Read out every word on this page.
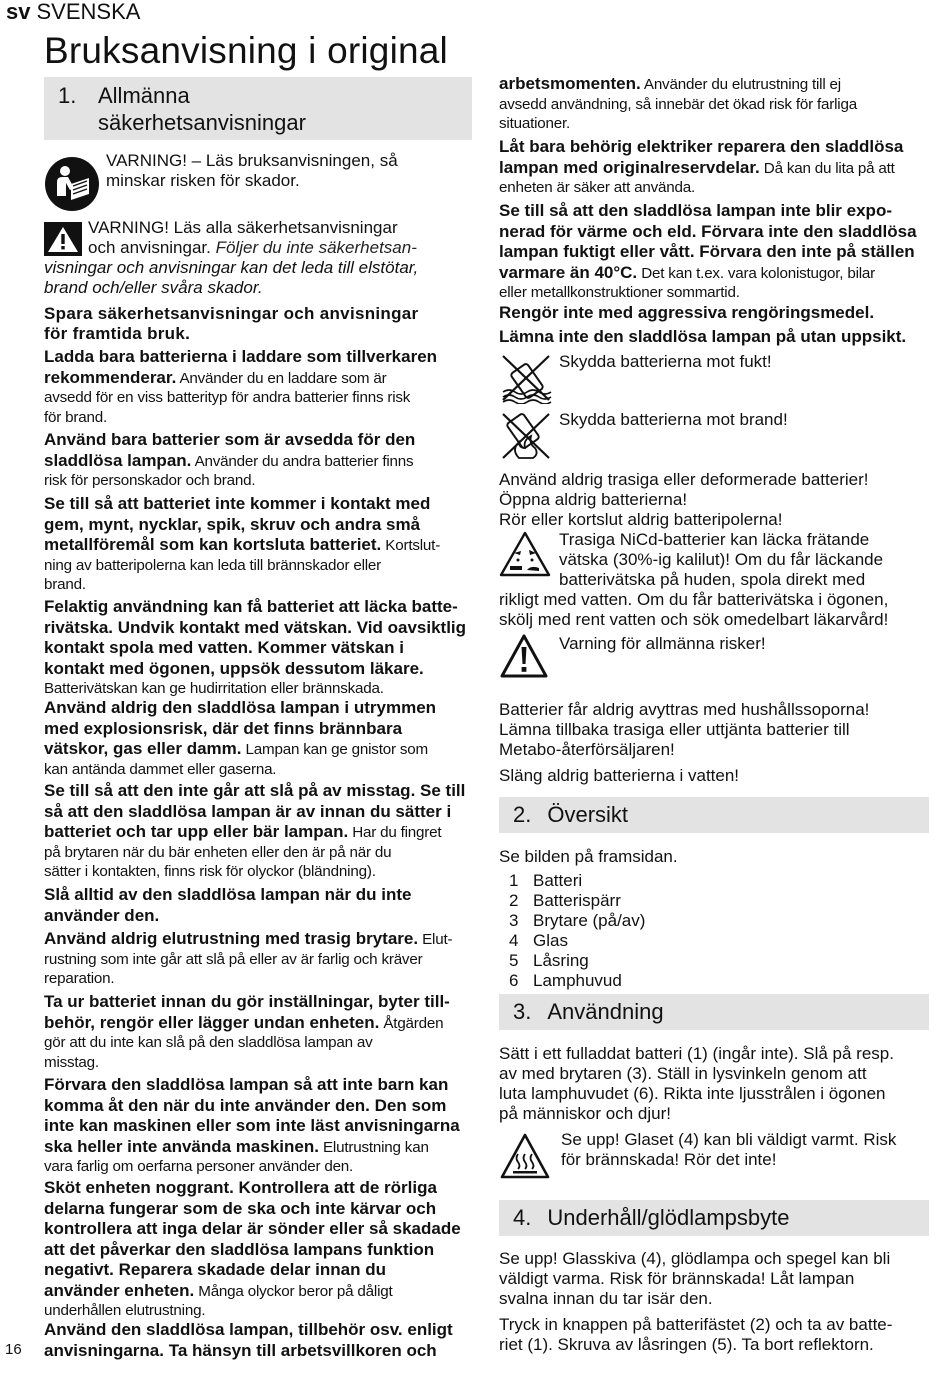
sv SVENSKA
Bruksanvisning i original
16
1. Allmänna
säkerhetsanvisningar

VARNING! – Läs bruksanvisningen, så
minskar risken för skador.

VARNING! Läs alla säkerhetsanvisningar
och anvisningar. Följer du inte säkerhetsan-
visningar och anvisningar kan det leda till elstötar,
brand och/eller svåra skador.

Spara säkerhetsanvisningar och anvisningar
för framtida bruk.

Ladda bara batterierna i laddare som tillverkaren
rekommenderar. Använder du en laddare som är
avsedd för en viss batterityp för andra batterier finns risk
för brand.

Använd bara batterier som är avsedda för den
sladdlösa lampan. Använder du andra batterier finns
risk för personskador och brand.

Se till så att batteriet inte kommer i kontakt med
gem, mynt, nycklar, spik, skruv och andra små
metallföremål som kan kortsluta batteriet. Kortslut-
ning av batteripolerna kan leda till brännskador eller
brand.

Felaktig användning kan få batteriet att läcka batte-
rivätska. Undvik kontakt med vätskan. Vid oavsiktlig
kontakt spola med vatten. Kommer vätskan i
kontakt med ögonen, uppsök dessutom läkare.
Batterivätskan kan ge hudirritation eller brännskada.

Använd aldrig den sladdlösa lampan i utrymmen
med explosionsrisk, där det finns brännbara
vätskor, gas eller damm. Lampan kan ge gnistor som
kan antända dammet eller gaserna.

Se till så att den inte går att slå på av misstag. Se till
så att den sladdlösa lampan är av innan du sätter i
batteriet och tar upp eller bär lampan. Har du fingret
på brytaren när du bär enheten eller den är på när du
sätter i kontakten, finns risk för olyckor (bländning).

Slå alltid av den sladdlösa lampan när du inte
använder den.

Använd aldrig elutrustning med trasig brytare. Elut-
rustning som inte går att slå på eller av är farlig och kräver
reparation.

Ta ur batteriet innan du gör inställningar, byter till-
behör, rengör eller lägger undan enheten. Åtgärden
gör att du inte kan slå på den sladdlösa lampan av
misstag.

Förvara den sladdlösa lampan så att inte barn kan
komma åt den när du inte använder den. Den som
inte kan maskinen eller som inte läst anvisningarna
ska heller inte använda maskinen. Elutrustning kan
vara farlig om oerfarna personer använder den.

Sköt enheten noggrant. Kontrollera att de rörliga
delarna fungerar som de ska och inte kärvar och
kontrollera att inga delar är sönder eller så skadade
att det påverkar den sladdlösa lampans funktion
negativt. Reparera skadade delar innan du
använder enheten. Många olyckor beror på dåligt
underhållen elutrustning.

Använd den sladdlösa lampan, tillbehör osv. enligt
anvisningarna. Ta hänsyn till arbetsvillkoren och

arbetsmomenten. Använder du elutrustning till ej
avsedd användning, så innebär det ökad risk för farliga
situationer.

Låt bara behörig elektriker reparera den sladdlösa
lampan med originalreservdelar. Då kan du lita på att
enheten är säker att använda.

Se till så att den sladdlösa lampan inte blir expo-
nerad för värme och eld. Förvara inte den sladdlösa
lampan fuktigt eller vått. Förvara den inte på ställen
varmare än 40°C. Det kan t.ex. vara kolonistugor, bilar
eller metallkonstruktioner sommartid.

Rengör inte med aggressiva rengöringsmedel.

Lämna inte den sladdlösa lampan på utan uppsikt.

Skydda batterierna mot fukt!

Skydda batterierna mot brand!

Använd aldrig trasiga eller deformerade batterier!
Öppna aldrig batterierna!
Rör eller kortslut aldrig batteripolerna!

Trasiga NiCd-batterier kan läcka frätande
vätska (30%-ig kalilut)! Om du får läckande
batterivätska på huden, spola direkt med
rikligt med vatten. Om du får batterivätska i ögonen,
skölj med rent vatten och sök omedelbart läkarvård!

Varning för allmänna risker!

Batterier får aldrig avyttras med hushållssoporna!
Lämna tillbaka trasiga eller uttjänta batterier till
Metabo-återförsäljaren!

Släng aldrig batterierna i vatten!

2. Översikt

Se bilden på framsidan.

1 Batteri
2 Batterispärr
3 Brytare (på/av)
4 Glas
5 Låsring
6 Lamphuvud
3. Användning

Sätt i ett fulladdat batteri (1) (ingår inte). Slå på resp.
av med brytaren (3). Ställ in lysvinkeln genom att
luta lamphuvudet (6). Rikta inte ljusstrålen i ögonen
på människor och djur!

Se upp! Glaset (4) kan bli väldigt varmt. Risk
för brännskada! Rör det inte!

4. Underhåll/glödlampsbyte

Se upp! Glasskiva (4), glödlampa och spegel kan bli
väldigt varma. Risk för brännskada! Låt lampan
svalna innan du tar isär den.

Tryck in knappen på batterifästet (2) och ta av batte-
riet (1). Skruva av låsringen (5). Ta bort reflektorn.
